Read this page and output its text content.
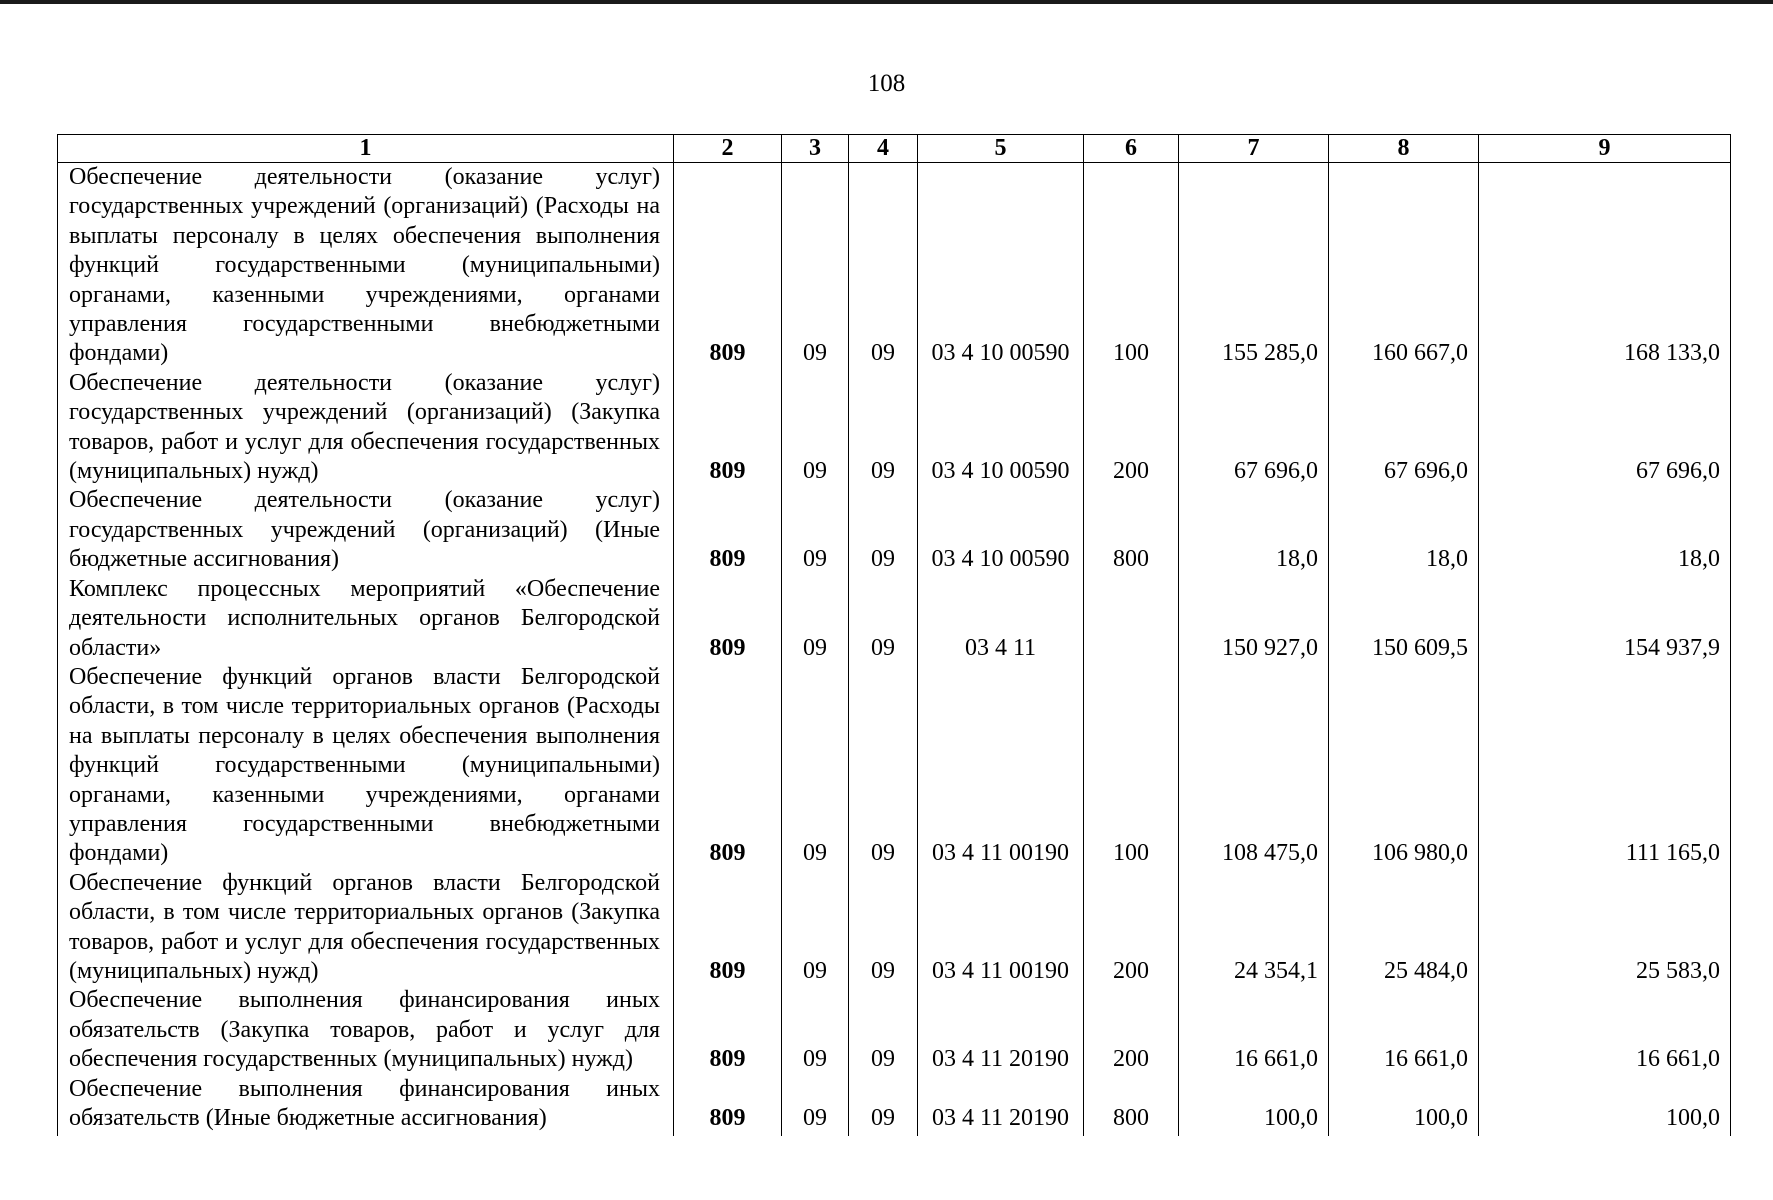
108
1	2	3	4	5	6	7	8	9
Обеспечение деятельности (оказание услуг) государственных учреждений (организаций) (Расходы на выплаты персоналу в целях обеспечения выполнения функций государственными (муниципальными) органами, казенными учреждениями, органами управления государственными внебюджетными фондами)	809	09	09	03 4 10 00590	100	155 285,0	160 667,0	168 133,0
Обеспечение деятельности (оказание услуг) государственных учреждений (организаций) (Закупка товаров, работ и услуг для обеспечения государственных (муниципальных) нужд)	809	09	09	03 4 10 00590	200	67 696,0	67 696,0	67 696,0
Обеспечение деятельности (оказание услуг) государственных учреждений (организаций) (Иные бюджетные ассигнования)	809	09	09	03 4 10 00590	800	18,0	18,0	18,0
Комплекс процессных мероприятий «Обеспечение деятельности исполнительных органов Белгородской области»	809	09	09	03 4 11		150 927,0	150 609,5	154 937,9
Обеспечение функций органов власти Белгородской области, в том числе территориальных органов (Расходы на выплаты персоналу в целях обеспечения выполнения функций государственными (муниципальными) органами, казенными учреждениями, органами управления государственными внебюджетными фондами)	809	09	09	03 4 11 00190	100	108 475,0	106 980,0	111 165,0
Обеспечение функций органов власти Белгородской области, в том числе территориальных органов (Закупка товаров, работ и услуг для обеспечения государственных (муниципальных) нужд)	809	09	09	03 4 11 00190	200	24 354,1	25 484,0	25 583,0
Обеспечение выполнения финансирования иных обязательств (Закупка товаров, работ и услуг для обеспечения государственных (муниципальных) нужд)	809	09	09	03 4 11 20190	200	16 661,0	16 661,0	16 661,0
Обеспечение выполнения финансирования иных обязательств (Иные бюджетные ассигнования)	809	09	09	03 4 11 20190	800	100,0	100,0	100,0
